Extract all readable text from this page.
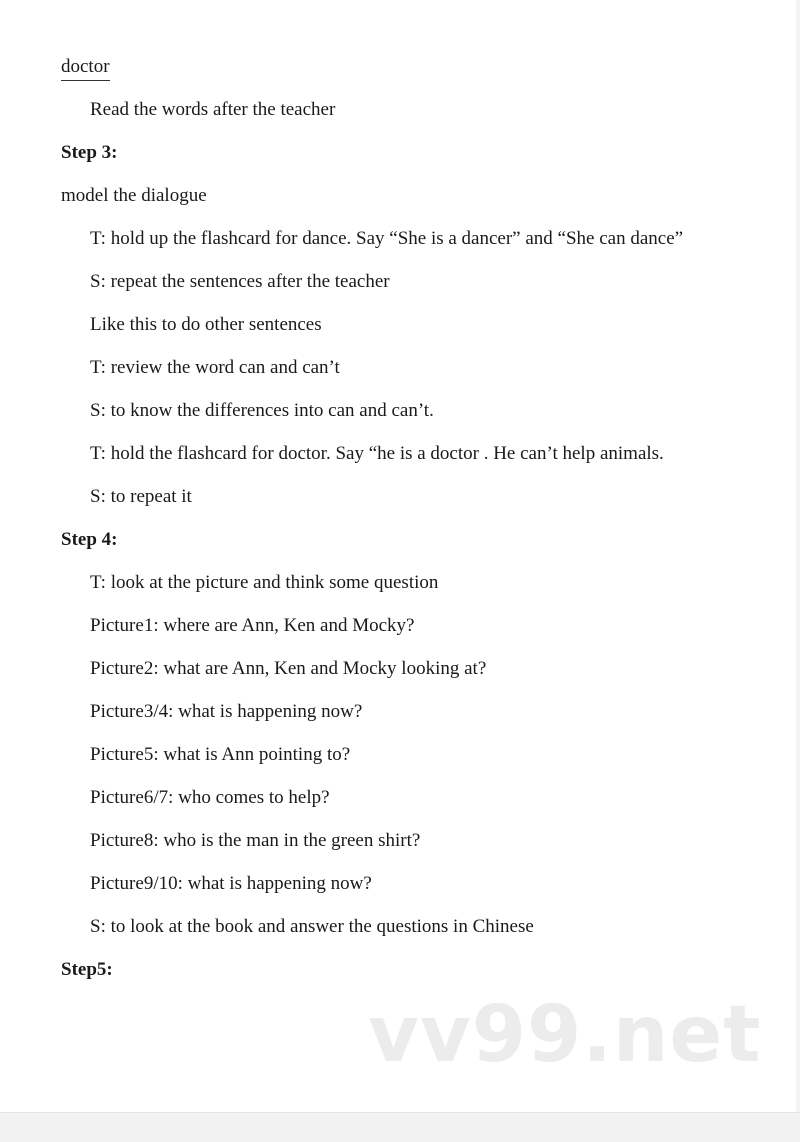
doctor
Read the words after the teacher
Step 3:
model the dialogue
T: hold up the flashcard for dance. Say “She is a dancer” and “She can dance”
S: repeat the sentences after the teacher
Like this to do other sentences
T: review the word can and can’t
S: to know the differences into can and can’t.
T: hold the flashcard for doctor. Say “he is a doctor . He can’t help animals.
S: to repeat it
Step 4:
T: look at the picture and think some question
Picture1: where are Ann, Ken and Mocky?
Picture2: what are Ann, Ken and Mocky looking at?
Picture3/4: what is happening now?
Picture5: what is Ann pointing to?
Picture6/7: who comes to help?
Picture8: who is the man in the green shirt?
Picture9/10: what is happening now?
S: to look at the book and answer the questions in Chinese
Step5:
vv99.net
